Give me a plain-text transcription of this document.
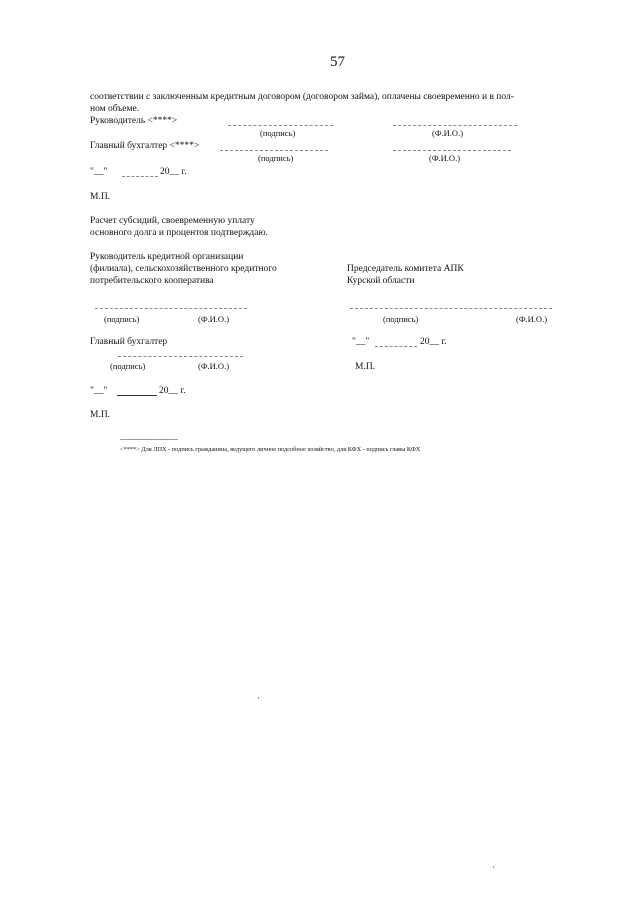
57
соответствии с заключенным кредитным договором (договором займа), оплачены своевременно и в пол-
ном объеме.
Руководитель <****>
(подпись)	(Ф.И.О.)
Главный бухгалтер <****>
(подпись)	(Ф.И.О.)
"__"	20__ г.
М.П.
Расчет субсидий, своевременную уплату
основного долга и процентов подтверждаю.
Руководитель кредитной организации
(филиала), сельскохозяйственного кредитного
потребительского кооператива
Председатель комитета АПК
Курской области
(подпись)	(Ф.И.О.)	(подпись)	(Ф.И.О.)
Главный бухгалтер
(подпись)	(Ф.И.О.)
"__"	20__ г.
М.П.
"__"	20__ г.
М.П.
--------------------------------
<****> Для ЛПХ - подпись гражданина, ведущего личное подсобное хозяйство, для КФХ - подпись главы КФХ
